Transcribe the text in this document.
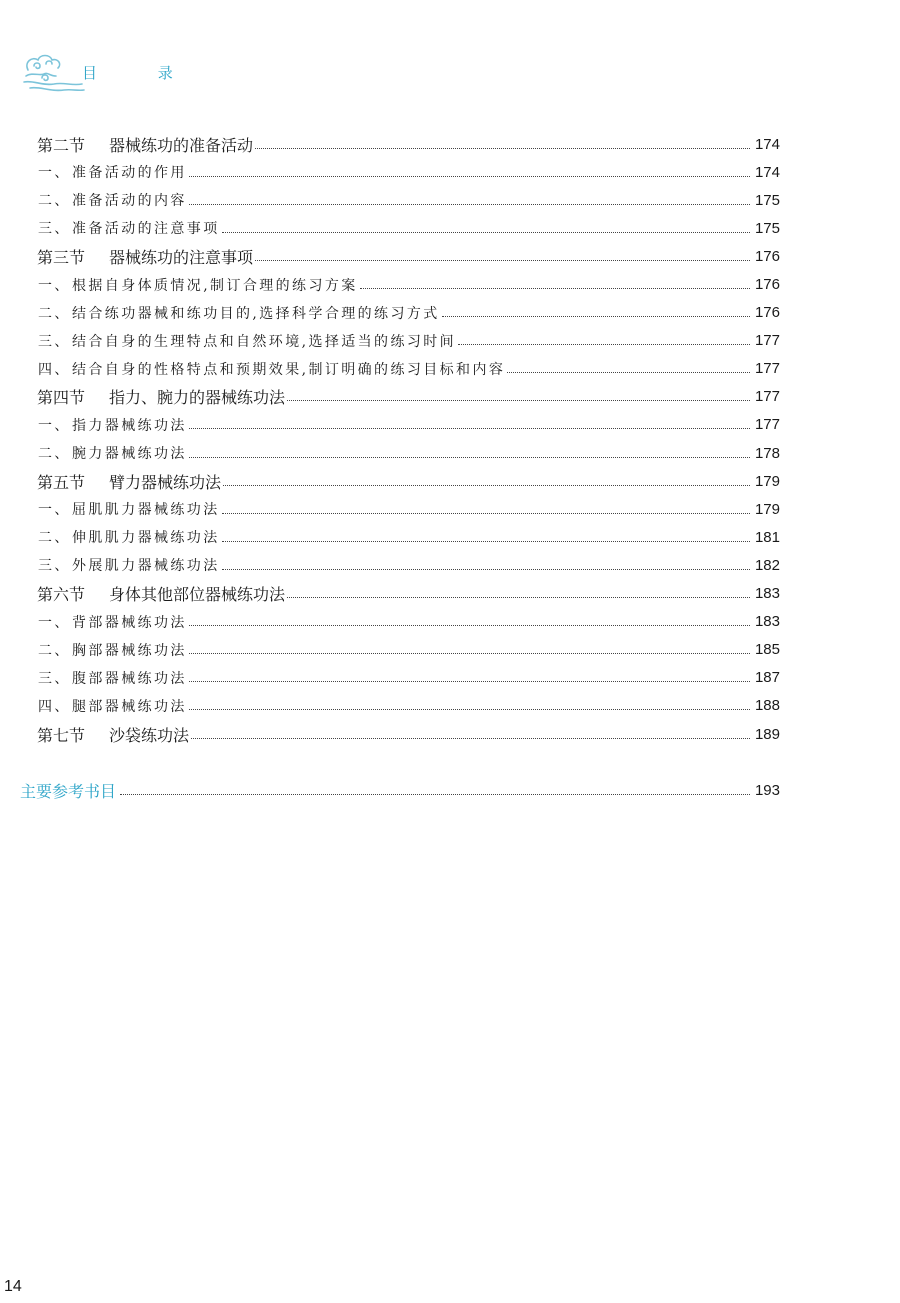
目 录
第二节 器械练功的准备活动	174
一、准备活动的作用	174
二、准备活动的内容	175
三、准备活动的注意事项	175
第三节 器械练功的注意事项	176
一、根据自身体质情况,制订合理的练习方案	176
二、结合练功器械和练功目的,选择科学合理的练习方式	176
三、结合自身的生理特点和自然环境,选择适当的练习时间	177
四、结合自身的性格特点和预期效果,制订明确的练习目标和内容	177
第四节 指力、腕力的器械练功法	177
一、指力器械练功法	177
二、腕力器械练功法	178
第五节 臂力器械练功法	179
一、屈肌肌力器械练功法	179
二、伸肌肌力器械练功法	181
三、外展肌力器械练功法	182
第六节 身体其他部位器械练功法	183
一、背部器械练功法	183
二、胸部器械练功法	185
三、腹部器械练功法	187
四、腿部器械练功法	188
第七节 沙袋练功法	189
主要参考书目	193
14
